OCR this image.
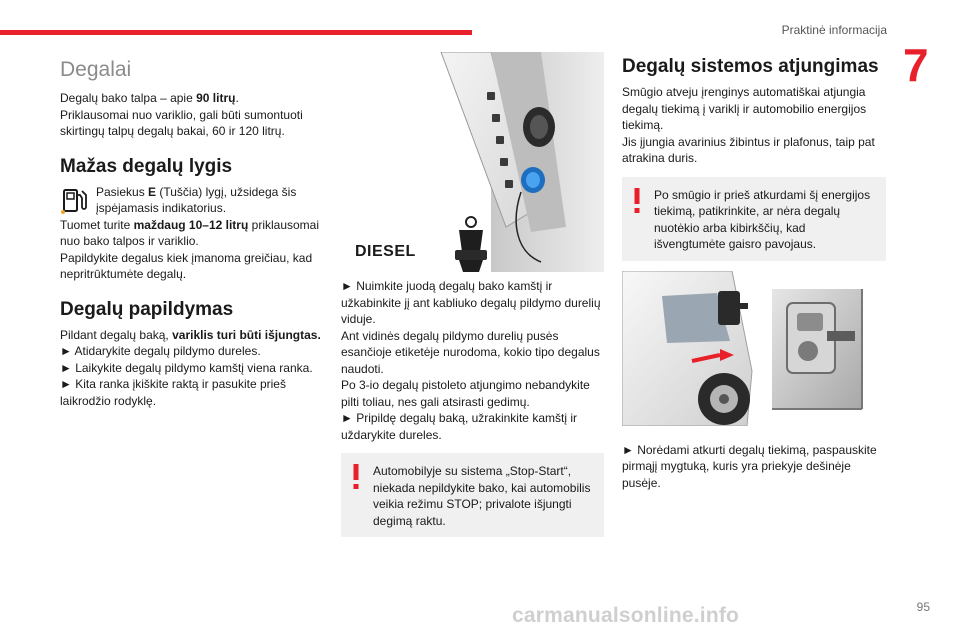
Praktinė informacija
7
Degalai

Degalų bako talpa – apie 90 litrų.

Priklausomai nuo variklio, gali būti sumontuoti skirtingų talpų degalų bakai, 60 ir 120 litrų.

Mažas degalų lygis
Pasiekus E (Tuščia) lygį, užsidega šis įspėjamasis indikatorius.

Tuomet turite maždaug 10–12 litrų priklausomai nuo bako talpos ir variklio.

Papildykite degalus kiek įmanoma greičiau, kad nepritrūktumėte degalų.

Degalų papildymas

Pildant degalų baką, variklis turi būti išjungtas.

► Atidarykite degalų pildymo dureles.

► Laikykite degalų pildymo kamštį viena ranka.

► Kita ranka įkiškite raktą ir pasukite prieš laikrodžio rodyklę.

DIESEL

► Nuimkite juodą degalų bako kamštį ir užkabinkite jį ant kabliuko degalų pildymo durelių viduje.

Ant vidinės degalų pildymo durelių pusės esančioje etiketėje nurodoma, kokio tipo degalus naudoti.

Po 3-io degalų pistoleto atjungimo nebandykite pilti toliau, nes gali atsirasti gedimų.

► Pripildę degalų baką, užrakinkite kamštį ir uždarykite dureles.

Automobilyje su sistema „Stop-Start“, niekada nepildykite bako, kai automobilis veikia režimu STOP; privalote išjungti degimą raktu.

Degalų sistemos atjungimas

Smūgio atveju įrenginys automatiškai atjungia degalų tiekimą į variklį ir automobilio energijos tiekimą.

Jis įjungia avarinius žibintus ir plafonus, taip pat atrakina duris.

Po smūgio ir prieš atkurdami šį energijos tiekimą, patikrinkite, ar nėra degalų nuotėkio arba kibirkščių, kad išvengtumėte gaisro pavojaus.

► Norėdami atkurti degalų tiekimą, paspauskite pirmąjį mygtuką, kuris yra priekyje dešinėje pusėje.

95
carmanualsonline.info
